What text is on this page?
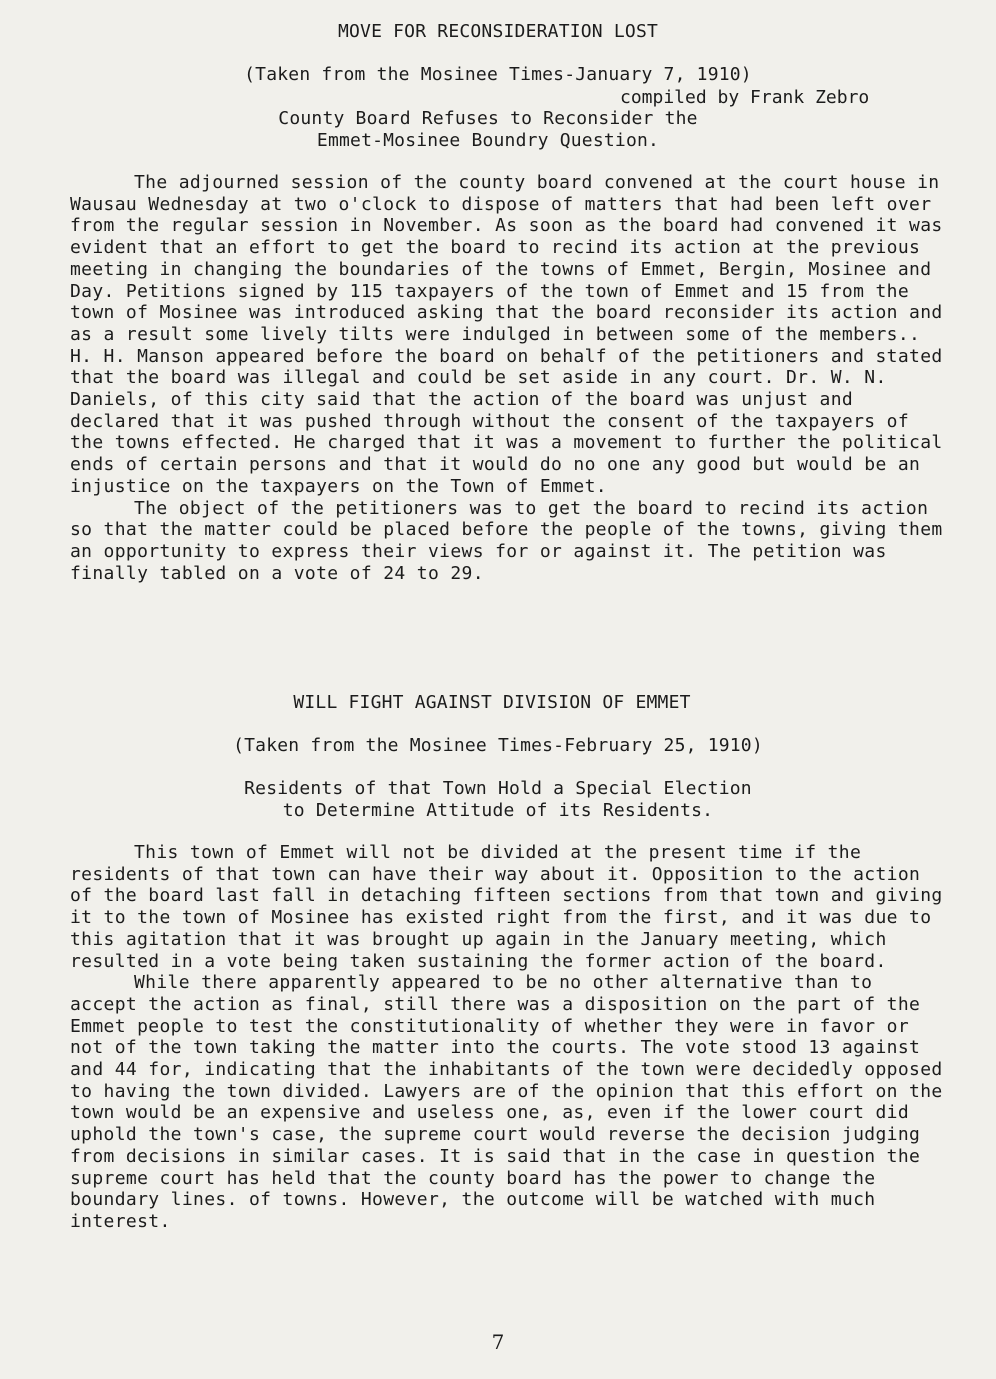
MOVE FOR RECONSIDERATION LOST
(Taken from the Mosinee Times-January 7, 1910)
compiled by Frank Zebro
County Board Refuses to Reconsider the
Emmet-Mosinee Boundry Question.

The adjourned session of the county board convened at the court house in Wausau Wednesday at two o'clock to dispose of matters that had been left over from the regular session in November. As soon as the board had convened it was evident that an effort to get the board to recind its action at the previous meeting in changing the boundaries of the towns of Emmet, Bergin, Mosinee and Day. Petitions signed by 115 taxpayers of the town of Emmet and 15 from the town of Mosinee was introduced asking that the board reconsider its action and as a result some lively tilts were indulged in between some of the members.. H. H. Manson appeared before the board on behalf of the petitioners and stated that the board was illegal and could be set aside in any court. Dr. W. N. Daniels, of this city said that the action of the board was unjust and declared that it was pushed through without the consent of the taxpayers of the towns effected. He charged that it was a movement to further the political ends of certain persons and that it would do no one any good but would be an injustice on the taxpayers on the Town of Emmet.

The object of the petitioners was to get the board to recind its action so that the matter could be placed before the people of the towns, giving them an opportunity to express their views for or against it. The petition was finally tabled on a vote of 24 to 29.

WILL FIGHT AGAINST DIVISION OF EMMET
(Taken from the Mosinee Times-February 25, 1910)
Residents of that Town Hold a Special Election
to Determine Attitude of its Residents.

This town of Emmet will not be divided at the present time if the residents of that town can have their way about it. Opposition to the action of the board last fall in detaching fifteen sections from that town and giving it to the town of Mosinee has existed right from the first, and it was due to this agitation that it was brought up again in the January meeting, which resulted in a vote being taken sustaining the former action of the board.

While there apparently appeared to be no other alternative than to accept the action as final, still there was a disposition on the part of the Emmet people to test the constitutionality of whether they were in favor or not of the town taking the matter into the courts. The vote stood 13 against and 44 for, indicating that the inhabitants of the town were decidedly opposed to having the town divided. Lawyers are of the opinion that this effort on the town would be an expensive and useless one, as, even if the lower court did uphold the town's case, the supreme court would reverse the decision judging from decisions in similar cases. It is said that in the case in question the supreme court has held that the county board has the power to change the boundary lines. of towns. However, the outcome will be watched with much interest.

7
